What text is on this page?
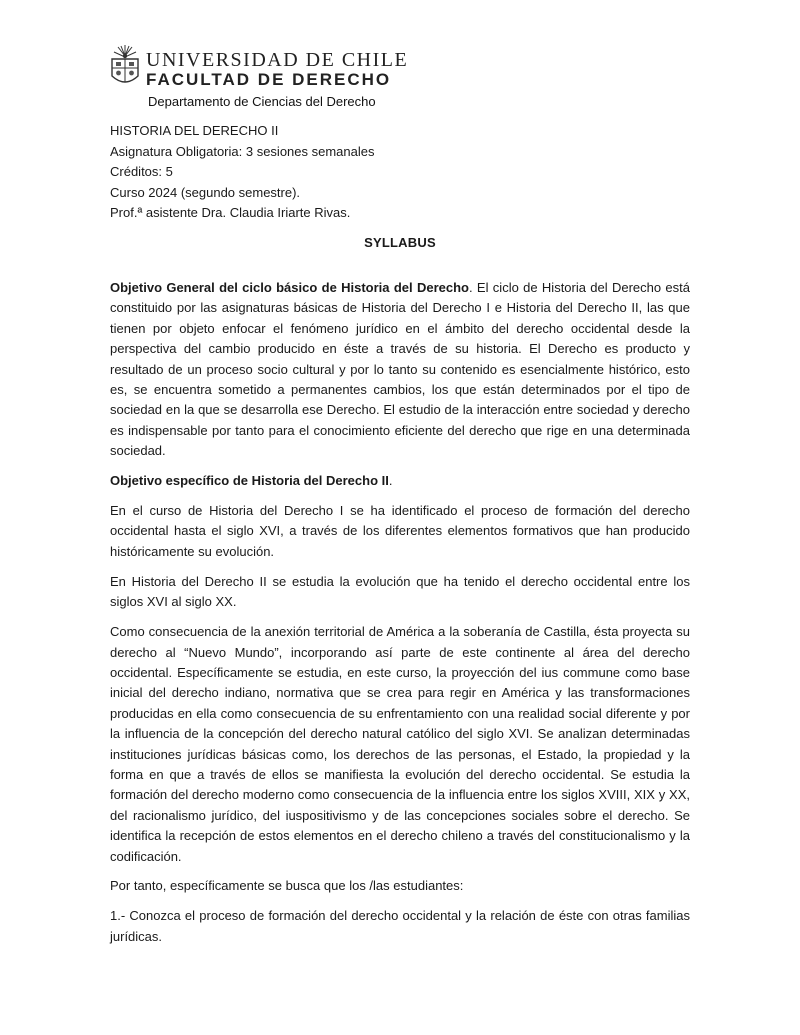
UNIVERSIDAD DE CHILE
FACULTAD DE DERECHO
Departamento de Ciencias del Derecho
HISTORIA DEL DERECHO II
Asignatura Obligatoria: 3 sesiones semanales
Créditos: 5
Curso 2024 (segundo semestre).
Prof.ª asistente Dra. Claudia Iriarte Rivas.
SYLLABUS

Objetivo General del ciclo básico de Historia del Derecho. El ciclo de Historia del Derecho está constituido por las asignaturas básicas de Historia del Derecho I e Historia del Derecho II, las que tienen por objeto enfocar el fenómeno jurídico en el ámbito del derecho occidental desde la perspectiva del cambio producido en éste a través de su historia. El Derecho es producto y resultado de un proceso socio cultural y por lo tanto su contenido es esencialmente histórico, esto es, se encuentra sometido a permanentes cambios, los que están determinados por el tipo de sociedad en la que se desarrolla ese Derecho. El estudio de la interacción entre sociedad y derecho es indispensable por tanto para el conocimiento eficiente del derecho que rige en una determinada sociedad.

Objetivo específico de Historia del Derecho II.

En el curso de Historia del Derecho I se ha identificado el proceso de formación del derecho occidental hasta el siglo XVI, a través de los diferentes elementos formativos que han producido históricamente su evolución.

En Historia del Derecho II se estudia la evolución que ha tenido el derecho occidental entre los siglos XVI al siglo XX.

Como consecuencia de la anexión territorial de América a la soberanía de Castilla, ésta proyecta su derecho al “Nuevo Mundo”, incorporando así parte de este continente al área del derecho occidental. Específicamente se estudia, en este curso, la proyección del ius commune como base inicial del derecho indiano, normativa que se crea para regir en América y las transformaciones producidas en ella como consecuencia de su enfrentamiento con una realidad social diferente y por la influencia de la concepción del derecho natural católico del siglo XVI. Se analizan determinadas instituciones jurídicas básicas como, los derechos de las personas, el Estado, la propiedad y la forma en que a través de ellos se manifiesta la evolución del derecho occidental. Se estudia la formación del derecho moderno como consecuencia de la influencia entre los siglos XVIII, XIX y XX, del racionalismo jurídico, del iuspositivismo y de las concepciones sociales sobre el derecho. Se identifica la recepción de estos elementos en el derecho chileno a través del constitucionalismo y la codificación.

Por tanto, específicamente se busca que los /las estudiantes:

1.- Conozca el proceso de formación del derecho occidental y la relación de éste con otras familias jurídicas.
